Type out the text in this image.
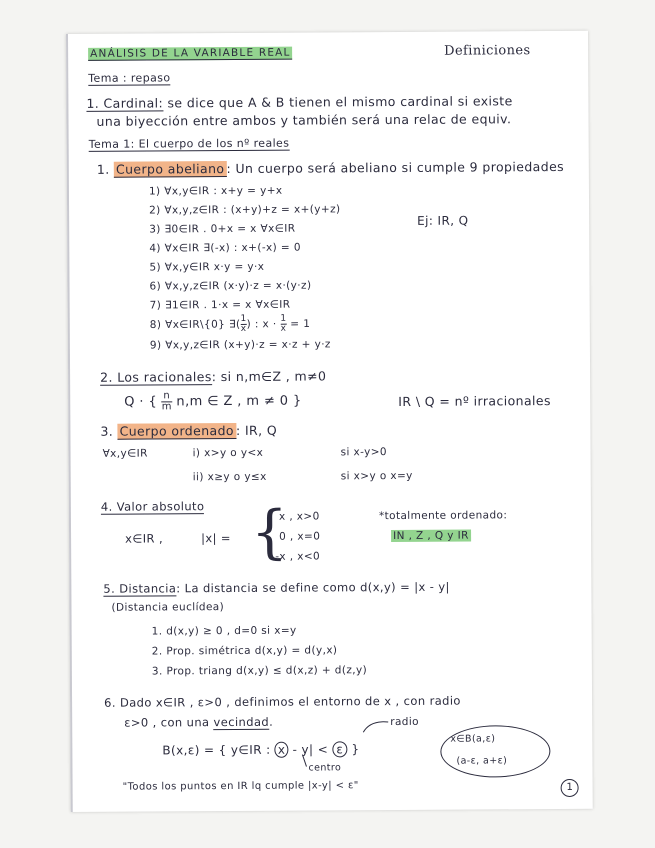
ANÁLISIS DE LA VARIABLE REAL	Definiciones
Tema : repaso
1. Cardinal: se dice que A & B tienen el mismo cardinal si existe
una biyección entre ambos y también será una relac de equiv.
Tema 1: El cuerpo de los nº reales
1. Cuerpo abeliano : Un cuerpo será abeliano si cumple 9 propiedades
1) ∀x,y∈IR : x+y = y+x
2) ∀x,y,z∈IR : (x+y)+z = x+(y+z)
3) ∃0∈IR . 0+x = x ∀x∈IR
4) ∀x∈IR ∃(-x) : x+(-x) = 0
5) ∀x,y∈IR x·y = y·x
6) ∀x,y,z∈IR (x·y)·z = x·(y·z)
7) ∃1∈IR . 1·x = x ∀x∈IR
8) ∀x∈IR\{0} ∃( $\frac{1}{x}$ ) : $x \cdot \frac{1}{x} = 1$
9) ∀x,y,z∈IR (x+y)·z = x·z + y·z
Ej: IR, Q
2. Los racionales: si n,m∈Z , m≠0
Q · { $\frac{n}{m} n,m$ ∈ Z , m ≠ 0 }	IR \ Q = nº irracionales
3. Cuerpo ordenado : IR, Q
∀x,y∈IR	i) x>y o y<x	si x-y>0
ii) x≥y o y≤x	si x>y o x=y
4. Valor absoluto
x∈IR ,	|x| = {
x , x>0
0 , x=0
-x , x<0
*totalmente ordenado:
IN , Z , Q y IR
5. Distancia: La distancia se define como d(x,y) = |x - y|
(Distancia euclídea)
1. d(x,y) ≥ 0 , d=0 si x=y
2. Prop. simétrica d(x,y) = d(y,x)
3. Prop. triang d(x,y) ≤ d(x,z) + d(z,y)
6. Dado x∈IR , ε>0 , definimos el entorno de x , con radio
ε>0 , con una vecindad.	radio
B(x,ε) = { y∈IR : x - y| < ε }
centro
x∈B(a,ε)
(a-ε, a+ε)
"Todos los puntos en IR lq cumple |x-y| < ε"	1
